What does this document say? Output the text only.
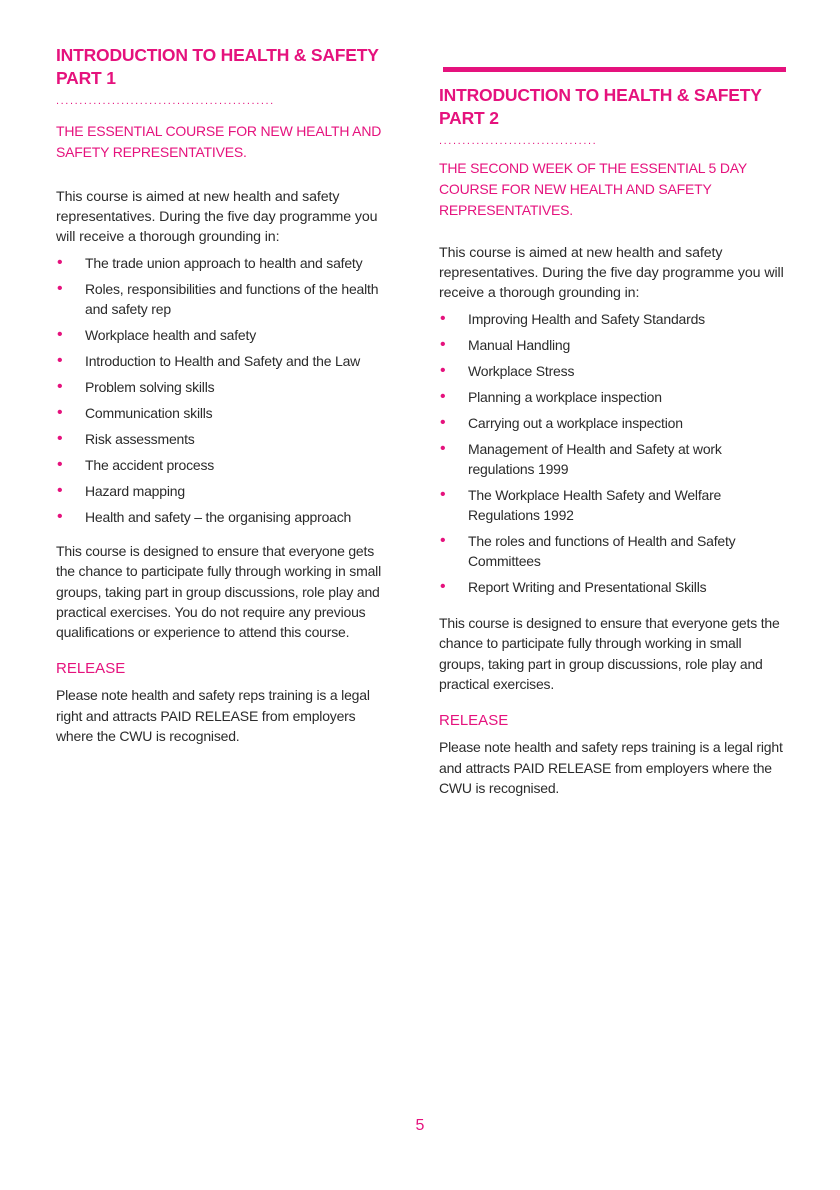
INTRODUCTION TO HEALTH & SAFETY
PART 1
...............................................
THE ESSENTIAL COURSE FOR NEW HEALTH AND SAFETY REPRESENTATIVES.

This course is aimed at new health and safety representatives. During the five day programme you will receive a thorough grounding in:

• The trade union approach to health and safety
• Roles, responsibilities and functions of the health and safety rep
• Workplace health and safety
• Introduction to Health and Safety and the Law
• Problem solving skills
• Communication skills
• Risk assessments
• The accident process
• Hazard mapping
• Health and safety – the organising approach

This course is designed to ensure that everyone gets the chance to participate fully through working in small groups, taking part in group discussions, role play and practical exercises. You do not require any previous qualifications or experience to attend this course.

RELEASE

Please note health and safety reps training is a legal right and attracts PAID RELEASE from employers where the CWU is recognised.

INTRODUCTION TO HEALTH & SAFETY
PART 2
..................................
THE SECOND WEEK OF THE ESSENTIAL 5 DAY COURSE FOR NEW HEALTH AND SAFETY REPRESENTATIVES.

This course is aimed at new health and safety representatives. During the five day programme you will receive a thorough grounding in:

• Improving Health and Safety Standards
• Manual Handling
• Workplace Stress
• Planning a workplace inspection
• Carrying out a workplace inspection
• Management of Health and Safety at work regulations 1999
• The Workplace Health Safety and Welfare Regulations 1992
• The roles and functions of Health and Safety Committees
• Report Writing and Presentational Skills

This course is designed to ensure that everyone gets the chance to participate fully through working in small groups, taking part in group discussions, role play and practical exercises.

RELEASE

Please note health and safety reps training is a legal right and attracts PAID RELEASE from employers where the CWU is recognised.

5
